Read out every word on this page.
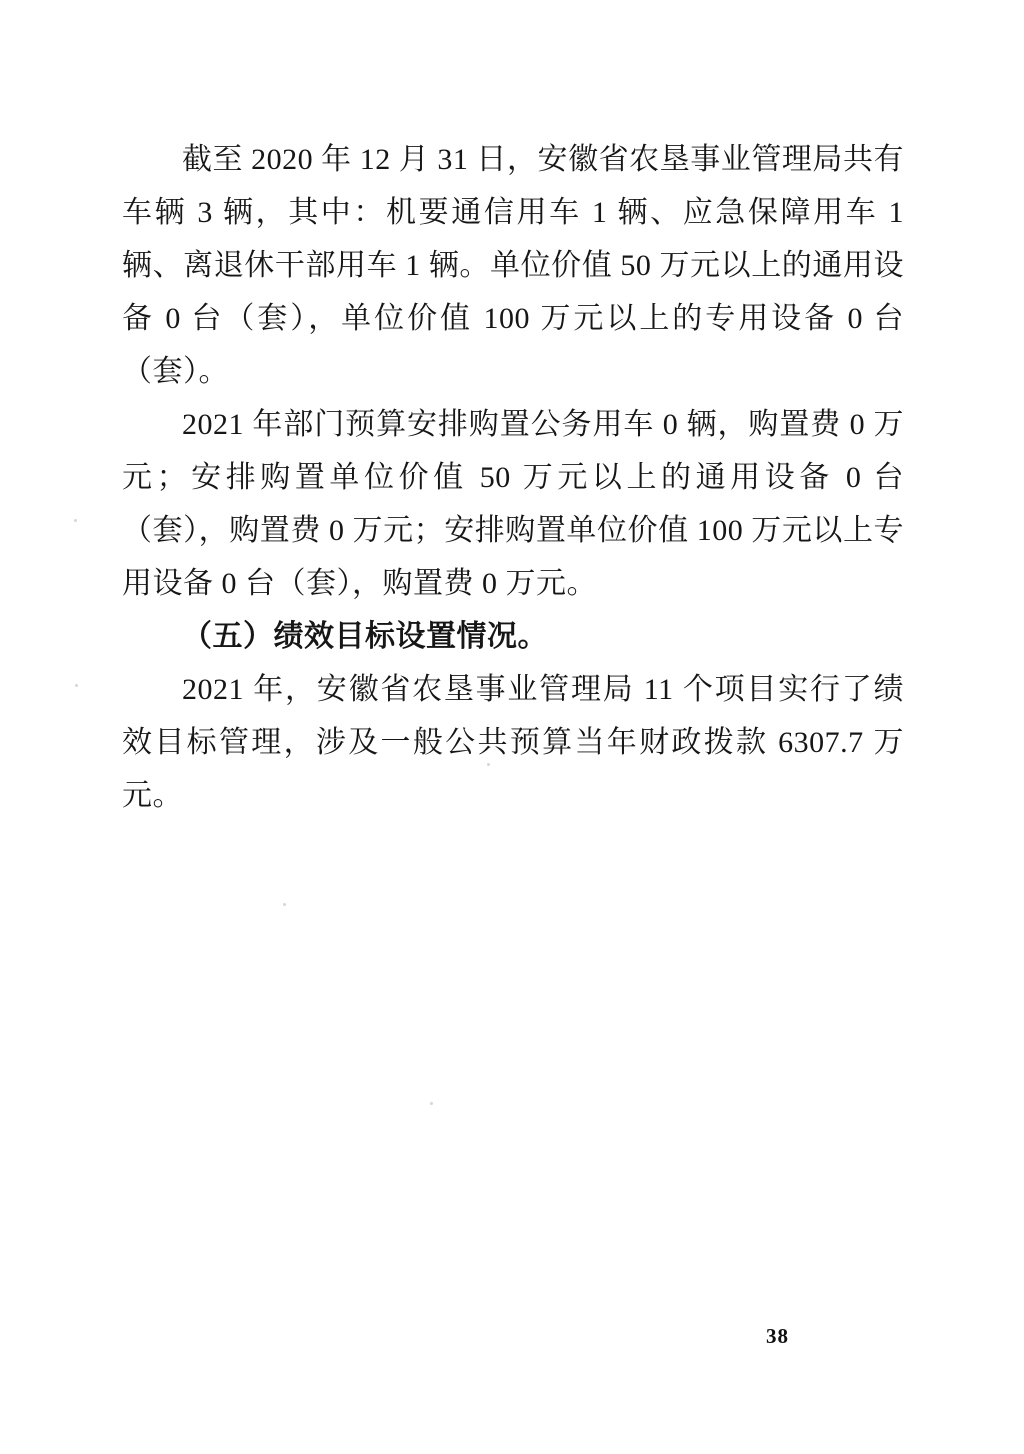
截至 2020 年 12 月 31 日，安徽省农垦事业管理局共有车辆 3 辆，其中：机要通信用车 1 辆、应急保障用车 1 辆、离退休干部用车 1 辆。单位价值 50 万元以上的通用设备 0 台（套），单位价值 100 万元以上的专用设备 0 台（套）。

2021 年部门预算安排购置公务用车 0 辆，购置费 0 万元；安排购置单位价值 50 万元以上的通用设备 0 台（套），购置费 0 万元；安排购置单位价值 100 万元以上专用设备 0 台（套），购置费 0 万元。

（五）绩效目标设置情况。

2021 年，安徽省农垦事业管理局 11 个项目实行了绩效目标管理，涉及一般公共预算当年财政拨款 6307.7 万元。

38
